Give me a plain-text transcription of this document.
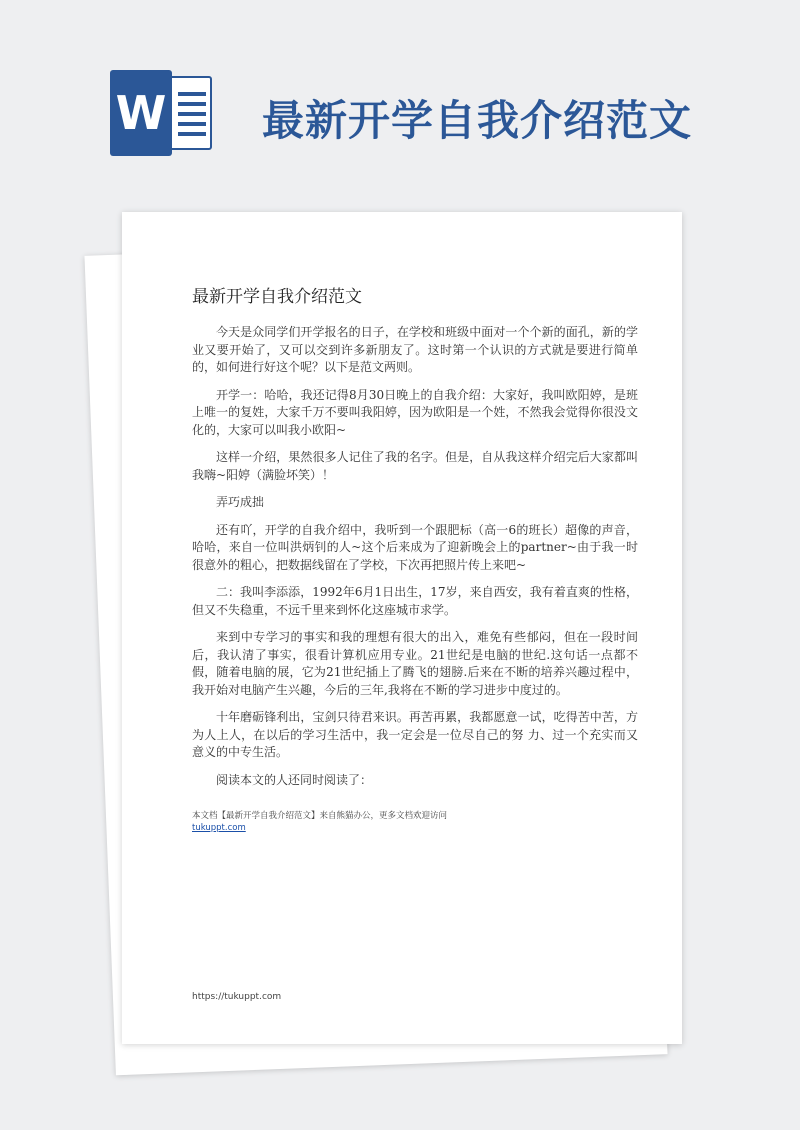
W 最新开学自我介绍范文
最新开学自我介绍范文

今天是众同学们开学报名的日子，在学校和班级中面对一个个新的面孔，新的学业又要开始了，又可以交到许多新朋友了。这时第一个认识的方式就是要进行简单的，如何进行好这个呢？以下是范文两则。

开学一：哈哈，我还记得8月30日晚上的自我介绍：大家好，我叫欧阳婷，是班上唯一的复姓，大家千万不要叫我阳婷，因为欧阳是一个姓，不然我会觉得你很没文化的，大家可以叫我小欧阳~

这样一介绍，果然很多人记住了我的名字。但是，自从我这样介绍完后大家都叫我嗨~阳婷（满脸坏笑）！

弄巧成拙

还有吖，开学的自我介绍中，我听到一个跟肥标（高一6的班长）超像的声音，哈哈，来自一位叫洪炳钊的人~这个后来成为了迎新晚会上的partner~由于我一时很意外的粗心，把数据线留在了学校，下次再把照片传上来吧~

二：我叫李添添，1992年6月1日出生，17岁，来自西安，我有着直爽的性格，但又不失稳重，不远千里来到怀化这座城市求学。

来到中专学习的事实和我的理想有很大的出入，难免有些郁闷，但在一段时间后，我认清了事实，很看计算机应用专业。21世纪是电脑的世纪.这句话一点都不假，随着电脑的展，它为21世纪插上了腾飞的翅膀.后来在不断的培养兴趣过程中，我开始对电脑产生兴趣，今后的三年,我将在不断的学习进步中度过的。

十年磨砺锋利出，宝剑只待君来识。再苦再累，我都愿意一试，吃得苦中苦，方为人上人，在以后的学习生活中，我一定会是一位尽自己的努 力、过一个充实而又意义的中专生活。

阅读本文的人还同时阅读了：

本文档【最新开学自我介绍范文】来自熊猫办公，更多文档欢迎访问
tukuppt.com
https://tukuppt.com
